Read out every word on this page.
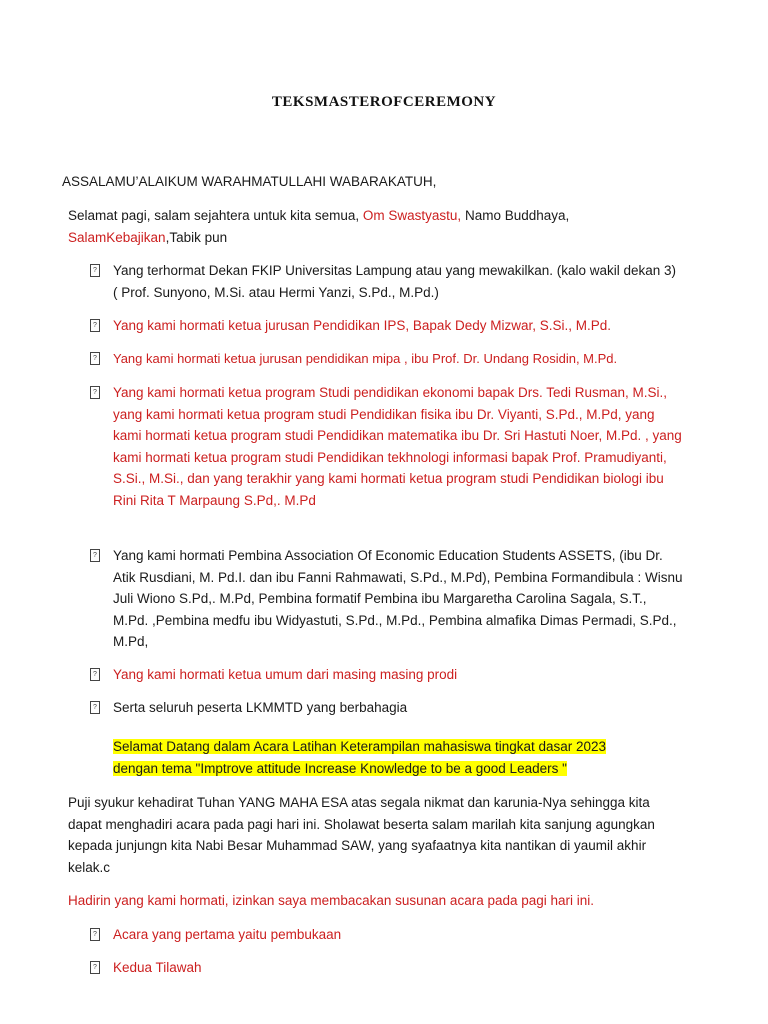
TEKSMASTEROFCEREMONY
ASSALAMU’ALAIKUM WARAHMATULLAHI WABARAKATUH,
Selamat pagi, salam sejahtera untuk kita semua, Om Swastyastu, Namo Buddhaya,
SalamKebajikan,Tabik pun
? Yang terhormat Dekan FKIP Universitas Lampung atau yang mewakilkan. (kalo wakil dekan 3) ( Prof. Sunyono, M.Si. atau Hermi Yanzi, S.Pd., M.Pd.)
? Yang kami hormati ketua jurusan Pendidikan IPS, Bapak Dedy Mizwar, S.Si., M.Pd.
? Yang kami hormati ketua jurusan pendidikan mipa , ibu Prof. Dr. Undang Rosidin, M.Pd.
? Yang kami hormati ketua program Studi pendidikan ekonomi bapak Drs. Tedi Rusman, M.Si., yang kami hormati ketua program studi Pendidikan fisika ibu Dr. Viyanti, S.Pd., M.Pd, yang kami hormati ketua program studi Pendidikan matematika ibu Dr. Sri Hastuti Noer, M.Pd. , yang kami hormati ketua program studi Pendidikan tekhnologi informasi bapak Prof. Pramudiyanti, S.Si., M.Si., dan yang terakhir yang kami hormati ketua program studi Pendidikan biologi ibu Rini Rita T Marpaung S.Pd,. M.Pd
? Yang kami hormati Pembina Association Of Economic Education Students ASSETS, (ibu Dr. Atik Rusdiani, M. Pd.I. dan ibu Fanni Rahmawati, S.Pd., M.Pd), Pembina Formandibula : Wisnu Juli Wiono S.Pd,. M.Pd, Pembina formatif Pembina ibu Margaretha Carolina Sagala, S.T., M.Pd. ,Pembina medfu ibu Widyastuti, S.Pd., M.Pd., Pembina almafika Dimas Permadi, S.Pd., M.Pd,
? Yang kami hormati ketua umum dari masing masing prodi
? Serta seluruh peserta LKMMTD yang berbahagia
Selamat Datang dalam Acara Latihan Keterampilan mahasiswa tingkat dasar 2023
dengan tema "Imptrove attitude Increase Knowledge to be a good Leaders "
Puji syukur kehadirat Tuhan YANG MAHA ESA atas segala nikmat dan karunia-Nya sehingga kita dapat menghadiri acara pada pagi hari ini. Sholawat beserta salam marilah kita sanjung agungkan kepada junjungn kita Nabi Besar Muhammad SAW, yang syafaatnya kita nantikan di yaumil akhir kelak.c
Hadirin yang kami hormati, izinkan saya membacakan susunan acara pada pagi hari ini.
? Acara yang pertama yaitu pembukaan
? Kedua Tilawah
